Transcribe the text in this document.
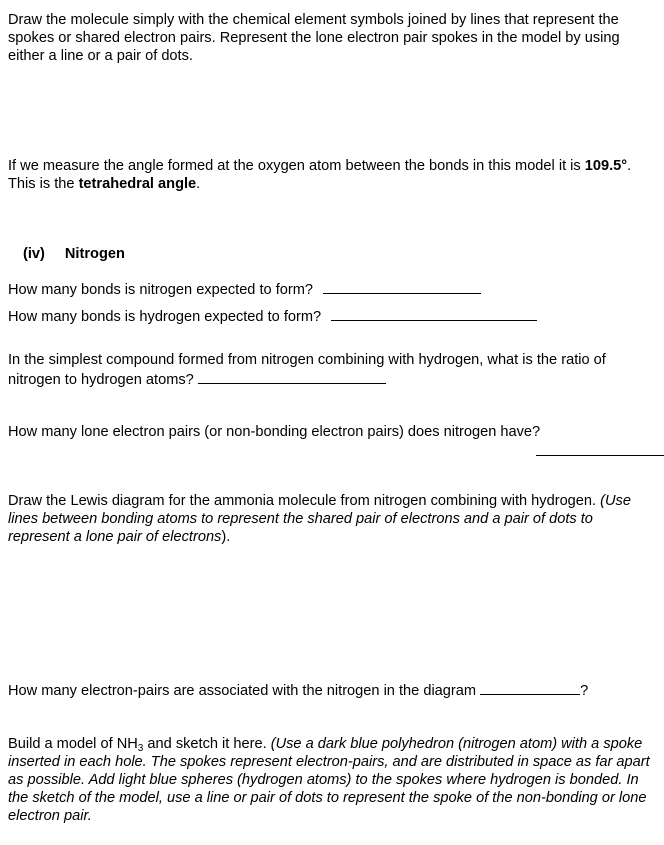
Draw the molecule simply with the chemical element symbols joined by lines that represent the spokes or shared electron pairs. Represent the lone electron pair spokes in the model by using either a line or a pair of dots.

If we measure the angle formed at the oxygen atom between the bonds in this model it is 109.5°. This is the tetrahedral angle.

(iv) Nitrogen
How many bonds is nitrogen expected to form?
How many bonds is hydrogen expected to form?

In the simplest compound formed from nitrogen combining with hydrogen, what is the ratio of nitrogen to hydrogen atoms?

How many lone electron pairs (or non-bonding electron pairs) does nitrogen have?

Draw the Lewis diagram for the ammonia molecule from nitrogen combining with hydrogen. (Use lines between bonding atoms to represent the shared pair of electrons and a pair of dots to represent a lone pair of electrons).

How many electron-pairs are associated with the nitrogen in the diagram	?

Build a model of $NH_3$ and sketch it here. (Use a dark blue polyhedron (nitrogen atom) with a spoke inserted in each hole. The spokes represent electron-pairs, and are distributed in space as far apart as possible. Add light blue spheres (hydrogen atoms) to the spokes where hydrogen is bonded. In the sketch of the model, use a line or pair of dots to represent the spoke of the non-bonding or lone electron pair.
